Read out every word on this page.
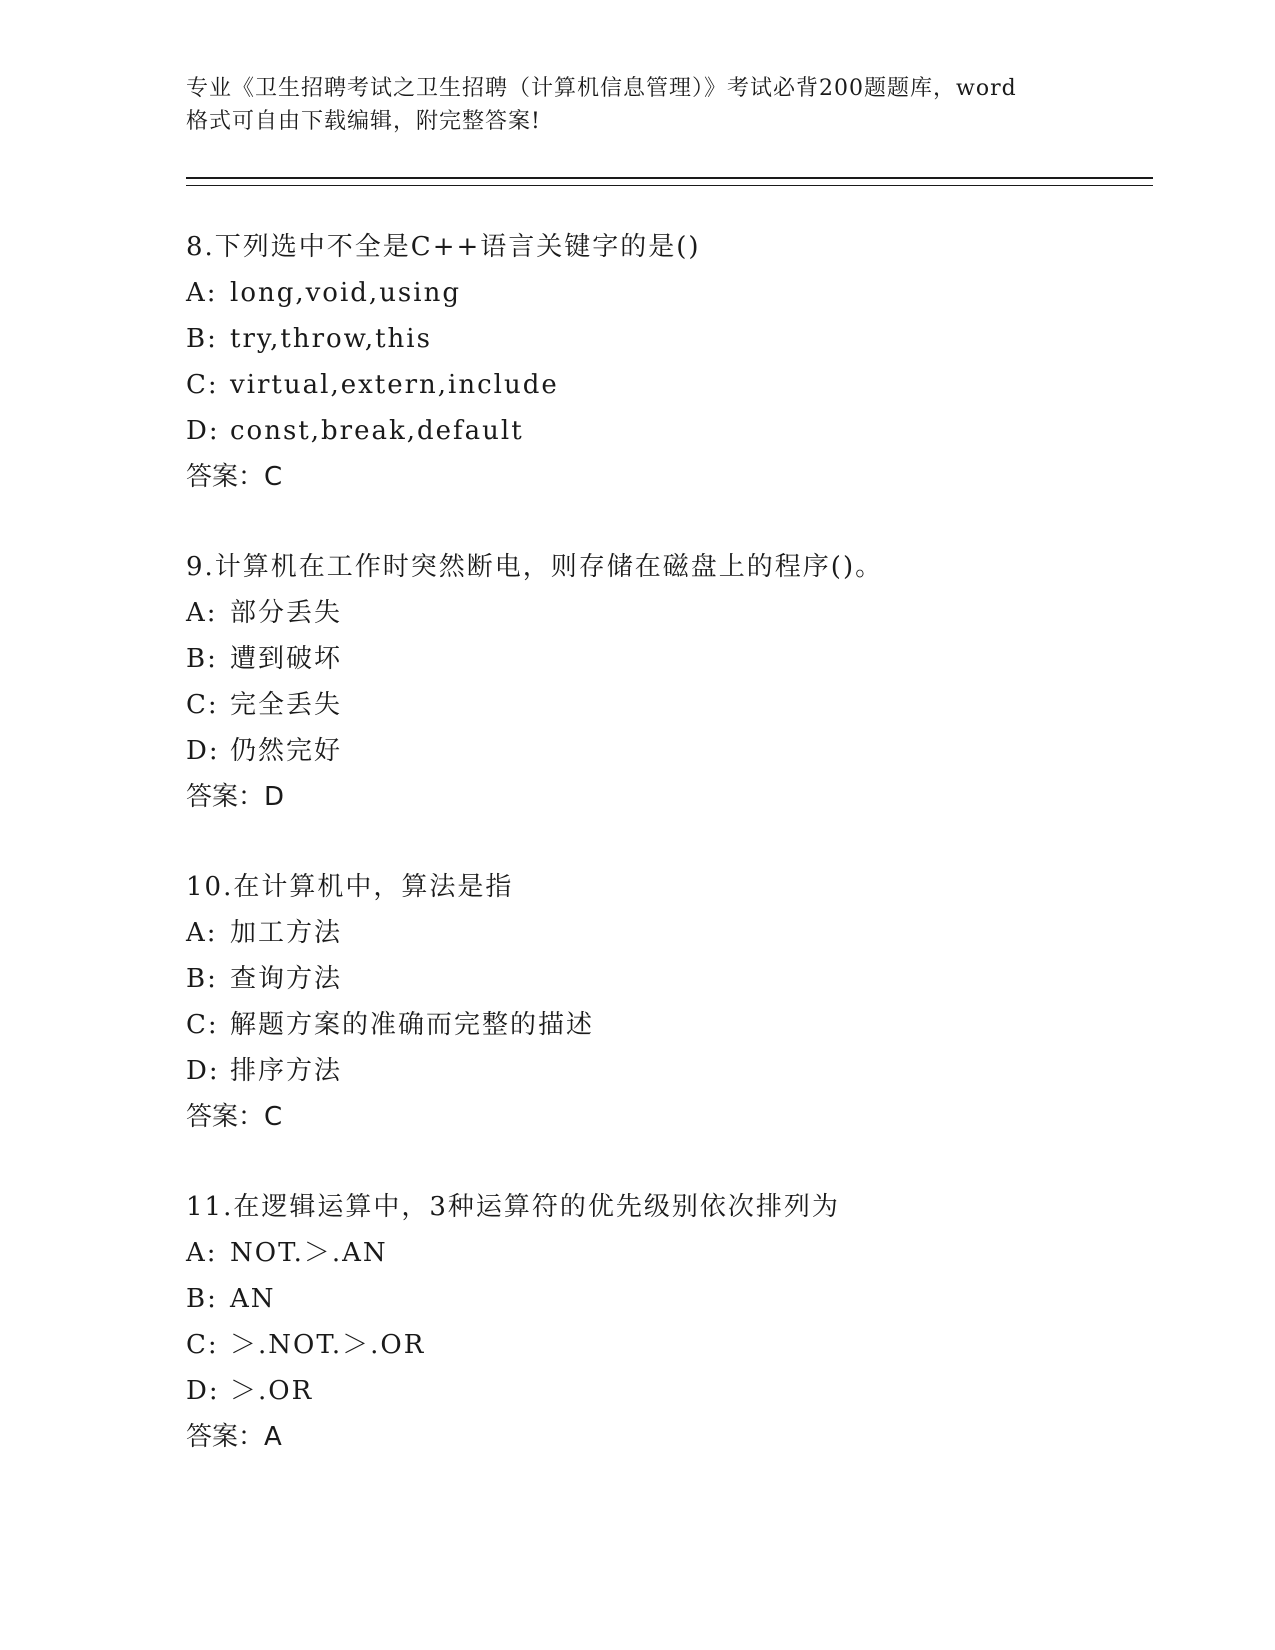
专业《卫生招聘考试之卫生招聘（计算机信息管理）》考试必背200题题库，word
格式可自由下载编辑，附完整答案!
8.下列选中不全是C++语言关键字的是()
A: long,void,using
B: try,throw,this
C: virtual,extern,include
D: const,break,default
答案：C
9.计算机在工作时突然断电，则存储在磁盘上的程序()。
A: 部分丢失
B: 遭到破坏
C: 完全丢失
D: 仍然完好
答案：D
10.在计算机中，算法是指
A: 加工方法
B: 查询方法
C: 解题方案的准确而完整的描述
D: 排序方法
答案：C
11.在逻辑运算中，3种运算符的优先级别依次排列为
A: NOT.＞.AN
B: AN
C: ＞.NOT.＞.OR
D: ＞.OR
答案：A
